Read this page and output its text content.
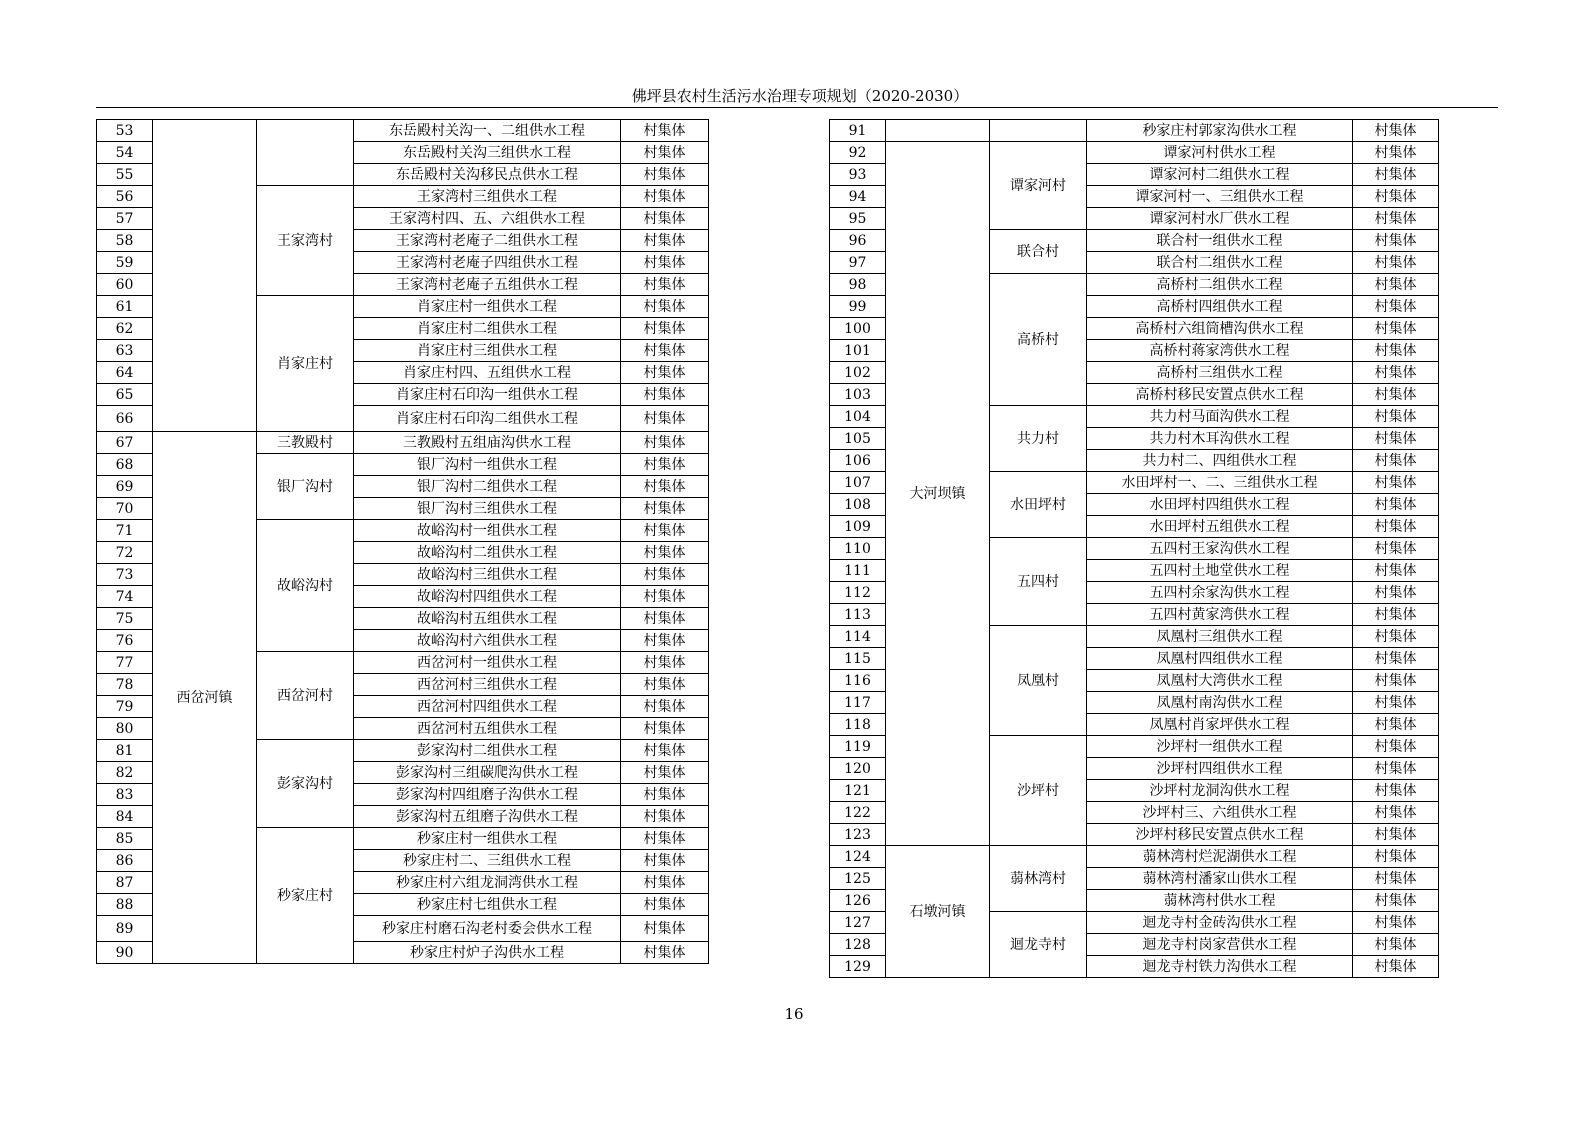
佛坪县农村生活污水治理专项规划（2020-2030）
53			东岳殿村关沟一、二组供水工程	村集体
54			东岳殿村关沟三组供水工程	村集体
55			东岳殿村关沟移民点供水工程	村集体
56		王家湾村	王家湾村三组供水工程	村集体
57			王家湾村四、五、六组供水工程	村集体
58			王家湾村老庵子二组供水工程	村集体
59			王家湾村老庵子四组供水工程	村集体
60			王家湾村老庵子五组供水工程	村集体
61		肖家庄村	肖家庄村一组供水工程	村集体
62			肖家庄村二组供水工程	村集体
63			肖家庄村三组供水工程	村集体
64			肖家庄村四、五组供水工程	村集体
65			肖家庄村石印沟一组供水工程	村集体
66			肖家庄村石印沟二组供水工程	村集体
67	西岔河镇	三教殿村	三教殿村五组庙沟供水工程	村集体
68		银厂沟村	银厂沟村一组供水工程	村集体
69			银厂沟村二组供水工程	村集体
70			银厂沟村三组供水工程	村集体
71		故峪沟村	故峪沟村一组供水工程	村集体
72			故峪沟村二组供水工程	村集体
73			故峪沟村三组供水工程	村集体
74			故峪沟村四组供水工程	村集体
75			故峪沟村五组供水工程	村集体
76			故峪沟村六组供水工程	村集体
77		西岔河村	西岔河村一组供水工程	村集体
78			西岔河村三组供水工程	村集体
79			西岔河村四组供水工程	村集体
80			西岔河村五组供水工程	村集体
81		彭家沟村	彭家沟村二组供水工程	村集体
82			彭家沟村三组碳爬沟供水工程	村集体
83			彭家沟村四组磨子沟供水工程	村集体
84			彭家沟村五组磨子沟供水工程	村集体
85		秒家庄村	秒家庄村一组供水工程	村集体
86			秒家庄村二、三组供水工程	村集体
87			秒家庄村六组龙洞湾供水工程	村集体
88			秒家庄村七组供水工程	村集体
89			秒家庄村磨石沟老村委会供水工程	村集体
90			秒家庄村炉子沟供水工程	村集体
91			秒家庄村郭家沟供水工程	村集体
92	大河坝镇	谭家河村	谭家河村供水工程	村集体
93			谭家河村二组供水工程	村集体
94			谭家河村一、三组供水工程	村集体
95			谭家河村水厂供水工程	村集体
96		联合村	联合村一组供水工程	村集体
97			联合村二组供水工程	村集体
98		高桥村	高桥村二组供水工程	村集体
99			高桥村四组供水工程	村集体
100			高桥村六组筒槽沟供水工程	村集体
101			高桥村蒋家湾供水工程	村集体
102			高桥村三组供水工程	村集体
103			高桥村移民安置点供水工程	村集体
104		共力村	共力村马面沟供水工程	村集体
105			共力村木耳沟供水工程	村集体
106			共力村二、四组供水工程	村集体
107		水田坪村	水田坪村一、二、三组供水工程	村集体
108			水田坪村四组供水工程	村集体
109			水田坪村五组供水工程	村集体
110		五四村	五四村王家沟供水工程	村集体
111			五四村土地堂供水工程	村集体
112			五四村余家沟供水工程	村集体
113			五四村黄家湾供水工程	村集体
114		凤凰村	凤凰村三组供水工程	村集体
115			凤凰村四组供水工程	村集体
116			凤凰村大湾供水工程	村集体
117			凤凰村南沟供水工程	村集体
118			凤凰村肖家坪供水工程	村集体
119		沙坪村	沙坪村一组供水工程	村集体
120			沙坪村四组供水工程	村集体
121			沙坪村龙洞沟供水工程	村集体
122			沙坪村三、六组供水工程	村集体
123			沙坪村移民安置点供水工程	村集体
124	石墩河镇	蒻林湾村	蒻林湾村烂泥湖供水工程	村集体
125			蒻林湾村潘家山供水工程	村集体
126			蒻林湾村供水工程	村集体
127		迴龙寺村	迴龙寺村金砖沟供水工程	村集体
128			迴龙寺村岗家营供水工程	村集体
129			迴龙寺村铁力沟供水工程	村集体
16
